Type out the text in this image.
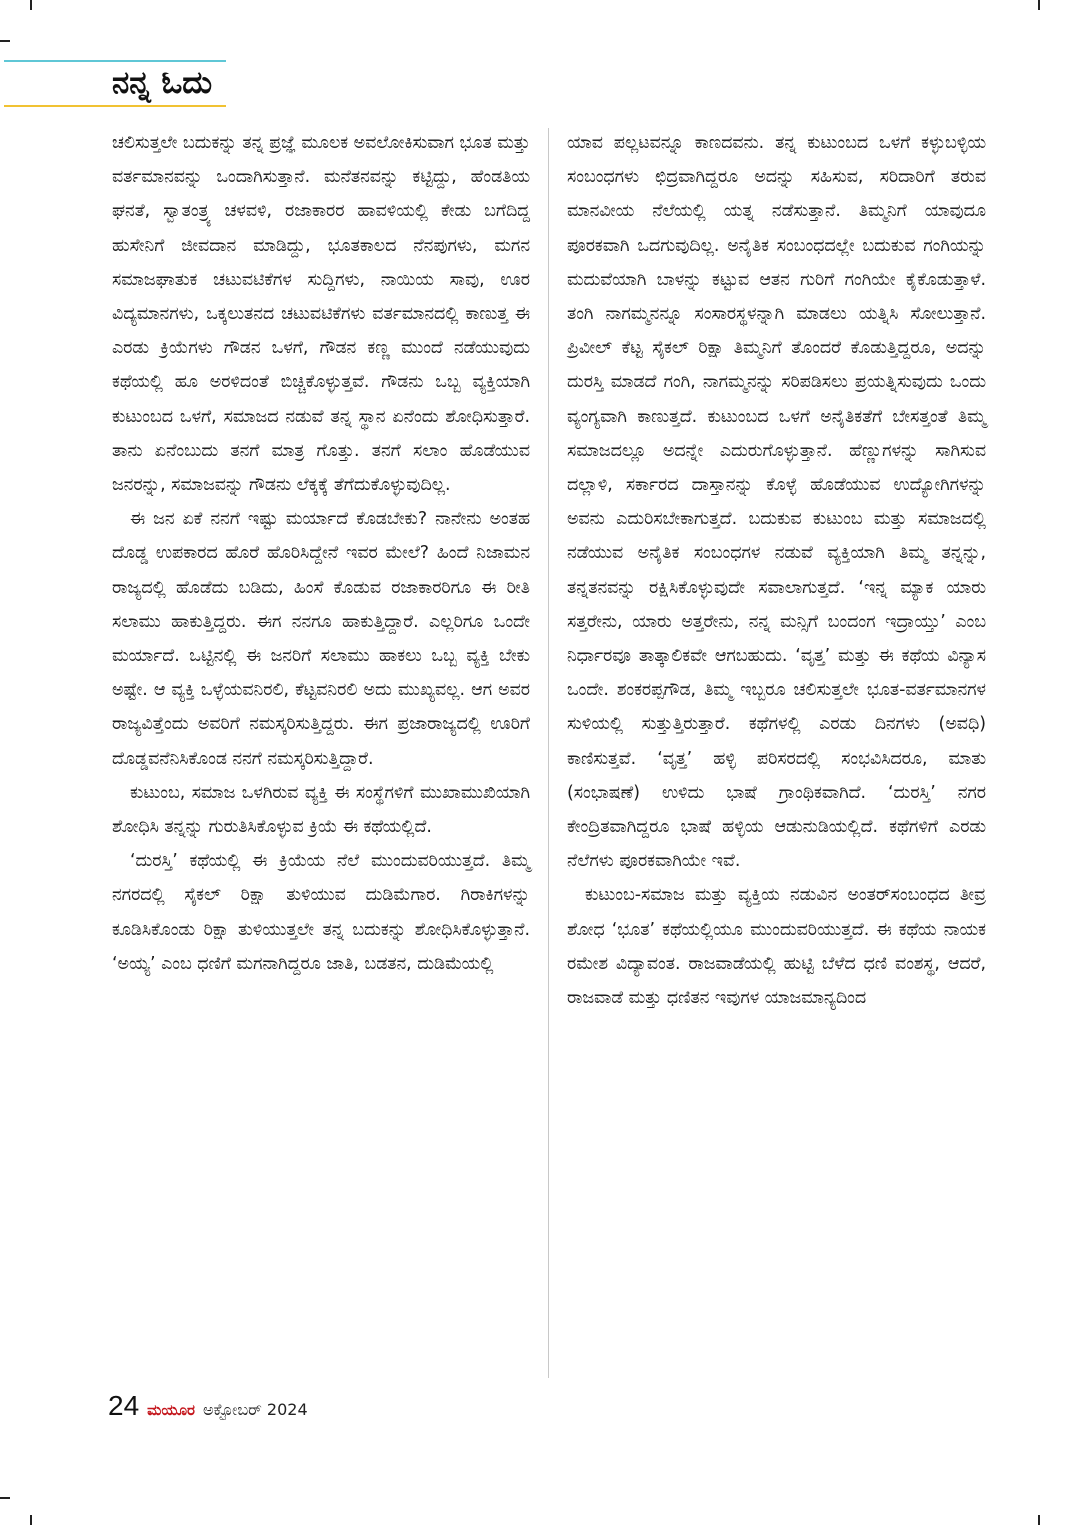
ನನ್ನ ಓದು

ಚಲಿಸುತ್ತಲೇ ಬದುಕನ್ನು ತನ್ನ ಪ್ರಜ್ಞೆ ಮೂಲಕ ಅವಲೋಕಿಸುವಾಗ ಭೂತ ಮತ್ತು ವರ್ತಮಾನವನ್ನು ಒಂದಾಗಿಸುತ್ತಾನೆ. ಮನೆತನವನ್ನು ಕಟ್ಟಿದ್ದು, ಹೆಂಡತಿಯ ಘನತೆ, ಸ್ವಾತಂತ್ರ್ಯ ಚಳವಳಿ, ರಜಾಕಾರರ ಹಾವಳಿಯಲ್ಲಿ ಕೇಡು ಬಗೆದಿದ್ದ ಹುಸೇನಿಗೆ ಜೀವದಾನ ಮಾಡಿದ್ದು, ಭೂತಕಾಲದ ನೆನಪುಗಳು, ಮಗನ ಸಮಾಜಘಾತುಕ ಚಟುವಟಿಕೆಗಳ ಸುದ್ದಿಗಳು, ನಾಯಿಯ ಸಾವು, ಊರ ವಿದ್ಯಮಾನಗಳು, ಒಕ್ಕಲುತನದ ಚಟುವಟಿಕೆಗಳು ವರ್ತಮಾನದಲ್ಲಿ ಕಾಣುತ್ತ ಈ ಎರಡು ಕ್ರಿಯೆಗಳು ಗೌಡನ ಒಳಗೆ, ಗೌಡನ ಕಣ್ಣ ಮುಂದೆ ನಡೆಯುವುದು ಕಥೆಯಲ್ಲಿ ಹೂ ಅರಳಿದಂತೆ ಬಿಚ್ಚಿಕೊಳ್ಳುತ್ತವೆ. ಗೌಡನು ಒಬ್ಬ ವ್ಯಕ್ತಿಯಾಗಿ ಕುಟುಂಬದ ಒಳಗೆ, ಸಮಾಜದ ನಡುವೆ ತನ್ನ ಸ್ಥಾನ ಏನೆಂದು ಶೋಧಿಸುತ್ತಾರೆ. ತಾನು ಏನೆಂಬುದು ತನಗೆ ಮಾತ್ರ ಗೊತ್ತು. ತನಗೆ ಸಲಾಂ ಹೊಡೆಯುವ ಜನರನ್ನು, ಸಮಾಜವನ್ನು ಗೌಡನು ಲೆಕ್ಕಕ್ಕೆ ತೆಗೆದುಕೊಳ್ಳುವುದಿಲ್ಲ.

ಈ ಜನ ಏಕೆ ನನಗೆ ಇಷ್ಟು ಮರ್ಯಾದೆ ಕೊಡಬೇಕು? ನಾನೇನು ಅಂತಹ ದೊಡ್ಡ ಉಪಕಾರದ ಹೊರೆ ಹೊರಿಸಿದ್ದೇನೆ ಇವರ ಮೇಲೆ? ಹಿಂದೆ ನಿಜಾಮನ ರಾಜ್ಯದಲ್ಲಿ ಹೊಡೆದು ಬಡಿದು, ಹಿಂಸೆ ಕೊಡುವ ರಜಾಕಾರರಿಗೂ ಈ ರೀತಿ ಸಲಾಮು ಹಾಕುತ್ತಿದ್ದರು. ಈಗ ನನಗೂ ಹಾಕುತ್ತಿದ್ದಾರೆ. ಎಲ್ಲರಿಗೂ ಒಂದೇ ಮರ್ಯಾದೆ. ಒಟ್ಟಿನಲ್ಲಿ ಈ ಜನರಿಗೆ ಸಲಾಮು ಹಾಕಲು ಒಬ್ಬ ವ್ಯಕ್ತಿ ಬೇಕು ಅಷ್ಟೇ. ಆ ವ್ಯಕ್ತಿ ಒಳ್ಳೆಯವನಿರಲಿ, ಕೆಟ್ಟವನಿರಲಿ ಅದು ಮುಖ್ಯವಲ್ಲ. ಆಗ ಅವರ ರಾಜ್ಯವಿತ್ತೆಂದು ಅವರಿಗೆ ನಮಸ್ಕರಿಸುತ್ತಿದ್ದರು. ಈಗ ಪ್ರಜಾರಾಜ್ಯದಲ್ಲಿ ಊರಿಗೆ ದೊಡ್ಡವನೆನಿಸಿಕೊಂಡ ನನಗೆ ನಮಸ್ಕರಿಸುತ್ತಿದ್ದಾರೆ.

ಕುಟುಂಬ, ಸಮಾಜ ಒಳಗಿರುವ ವ್ಯಕ್ತಿ ಈ ಸಂಸ್ಥೆಗಳಿಗೆ ಮುಖಾಮುಖಿಯಾಗಿ ಶೋಧಿಸಿ ತನ್ನನ್ನು ಗುರುತಿಸಿಕೊಳ್ಳುವ ಕ್ರಿಯೆ ಈ ಕಥೆಯಲ್ಲಿದೆ.

‘ದುರಸ್ತಿ’ ಕಥೆಯಲ್ಲಿ ಈ ಕ್ರಿಯೆಯ ನೆಲೆ ಮುಂದುವರಿಯುತ್ತದೆ. ತಿಮ್ಮ ನಗರದಲ್ಲಿ ಸೈಕಲ್ ರಿಕ್ಷಾ ತುಳಿಯುವ ದುಡಿಮೆಗಾರ. ಗಿರಾಕಿಗಳನ್ನು ಕೂಡಿಸಿಕೊಂಡು ರಿಕ್ಷಾ ತುಳಿಯುತ್ತಲೇ ತನ್ನ ಬದುಕನ್ನು ಶೋಧಿಸಿಕೊಳ್ಳುತ್ತಾನೆ. ‘ಅಯ್ಯ’ ಎಂಬ ಧಣಿಗೆ ಮಗನಾಗಿದ್ದರೂ ಜಾತಿ, ಬಡತನ, ದುಡಿಮೆಯಲ್ಲಿ

ಯಾವ ಪಲ್ಲಟವನ್ನೂ ಕಾಣದವನು. ತನ್ನ ಕುಟುಂಬದ ಒಳಗೆ ಕಳ್ಳುಬಳ್ಳಿಯ ಸಂಬಂಧಗಳು ಛಿದ್ರವಾಗಿದ್ದರೂ ಅದನ್ನು ಸಹಿಸುವ, ಸರಿದಾರಿಗೆ ತರುವ ಮಾನವೀಯ ನೆಲೆಯಲ್ಲಿ ಯತ್ನ ನಡೆಸುತ್ತಾನೆ. ತಿಮ್ಮನಿಗೆ ಯಾವುದೂ ಪೂರಕವಾಗಿ ಒದಗುವುದಿಲ್ಲ. ಅನೈತಿಕ ಸಂಬಂಧದಲ್ಲೇ ಬದುಕುವ ಗಂಗಿಯನ್ನು ಮದುವೆಯಾಗಿ ಬಾಳನ್ನು ಕಟ್ಟುವ ಆತನ ಗುರಿಗೆ ಗಂಗಿಯೇ ಕೈಕೊಡುತ್ತಾಳೆ. ತಂಗಿ ನಾಗಮ್ಮನನ್ನೂ ಸಂಸಾರಸ್ಥಳನ್ನಾಗಿ ಮಾಡಲು ಯತ್ನಿಸಿ ಸೋಲುತ್ತಾನೆ. ಪ್ರಿವೀಲ್ ಕೆಟ್ಟ ಸೈಕಲ್ ರಿಕ್ಷಾ ತಿಮ್ಮನಿಗೆ ತೊಂದರೆ ಕೊಡುತ್ತಿದ್ದರೂ, ಅದನ್ನು ದುರಸ್ತಿ ಮಾಡದೆ ಗಂಗಿ, ನಾಗಮ್ಮನನ್ನು ಸರಿಪಡಿಸಲು ಪ್ರಯತ್ನಿಸುವುದು ಒಂದು ವ್ಯಂಗ್ಯವಾಗಿ ಕಾಣುತ್ತದೆ. ಕುಟುಂಬದ ಒಳಗೆ ಅನೈತಿಕತೆಗೆ ಬೇಸತ್ತಂತೆ ತಿಮ್ಮ ಸಮಾಜದಲ್ಲೂ ಅದನ್ನೇ ಎದುರುಗೊಳ್ಳುತ್ತಾನೆ. ಹೆಣ್ಣುಗಳನ್ನು ಸಾಗಿಸುವ ದಲ್ಲಾಳಿ, ಸರ್ಕಾರದ ದಾಸ್ತಾನನ್ನು ಕೊಳ್ಳೆ ಹೊಡೆಯುವ ಉದ್ಯೋಗಿಗಳನ್ನು ಅವನು ಎದುರಿಸಬೇಕಾಗುತ್ತದೆ. ಬದುಕುವ ಕುಟುಂಬ ಮತ್ತು ಸಮಾಜದಲ್ಲಿ ನಡೆಯುವ ಅನೈತಿಕ ಸಂಬಂಧಗಳ ನಡುವೆ ವ್ಯಕ್ತಿಯಾಗಿ ತಿಮ್ಮ ತನ್ನನ್ನು, ತನ್ನತನವನ್ನು ರಕ್ಷಿಸಿಕೊಳ್ಳುವುದೇ ಸವಾಲಾಗುತ್ತದೆ. ‘ಇನ್ನ ಮ್ಯಾಕ ಯಾರು ಸತ್ತರೇನು, ಯಾರು ಅತ್ತರೇನು, ನನ್ನ ಮನ್ಸಿಗೆ ಬಂದಂಗ ಇದ್ರಾಯ್ತು’ ಎಂಬ ನಿರ್ಧಾರವೂ ತಾತ್ಕಾಲಿಕವೇ ಆಗಬಹುದು. ‘ವೃತ್ತ’ ಮತ್ತು ಈ ಕಥೆಯ ವಿನ್ಯಾಸ ಒಂದೇ. ಶಂಕರಪ್ಪಗೌಡ, ತಿಮ್ಮ ಇಬ್ಬರೂ ಚಲಿಸುತ್ತಲೇ ಭೂತ-ವರ್ತಮಾನಗಳ ಸುಳಿಯಲ್ಲಿ ಸುತ್ತುತ್ತಿರುತ್ತಾರೆ. ಕಥೆಗಳಲ್ಲಿ ಎರಡು ದಿನಗಳು (ಅವಧಿ) ಕಾಣಿಸುತ್ತವೆ. ‘ವೃತ್ತ’ ಹಳ್ಳಿ ಪರಿಸರದಲ್ಲಿ ಸಂಭವಿಸಿದರೂ, ಮಾತು (ಸಂಭಾಷಣೆ) ಉಳಿದು ಭಾಷೆ ಗ್ರಾಂಥಿಕವಾಗಿದೆ. ‘ದುರಸ್ತಿ’ ನಗರ ಕೇಂದ್ರಿತವಾಗಿದ್ದರೂ ಭಾಷೆ ಹಳ್ಳಿಯ ಆಡುನುಡಿಯಲ್ಲಿದೆ. ಕಥೆಗಳಿಗೆ ಎರಡು ನೆಲೆಗಳು ಪೂರಕವಾಗಿಯೇ ಇವೆ.

ಕುಟುಂಬ-ಸಮಾಜ ಮತ್ತು ವ್ಯಕ್ತಿಯ ನಡುವಿನ ಅಂತರ್‌ಸಂಬಂಧದ ತೀವ್ರ ಶೋಧ ‘ಭೂತ’ ಕಥೆಯಲ್ಲಿಯೂ ಮುಂದುವರಿಯುತ್ತದೆ. ಈ ಕಥೆಯ ನಾಯಕ ರಮೇಶ ವಿದ್ಯಾವಂತ. ರಾಜವಾಡೆಯಲ್ಲಿ ಹುಟ್ಟಿ ಬೆಳೆದ ಧಣಿ ವಂಶಸ್ಥ, ಆದರೆ, ರಾಜವಾಡೆ ಮತ್ತು ಧಣಿತನ ಇವುಗಳ ಯಾಜಮಾನ್ಯದಿಂದ

24 ಮಯೂರ ಅಕ್ಟೋಬರ್ 2024
